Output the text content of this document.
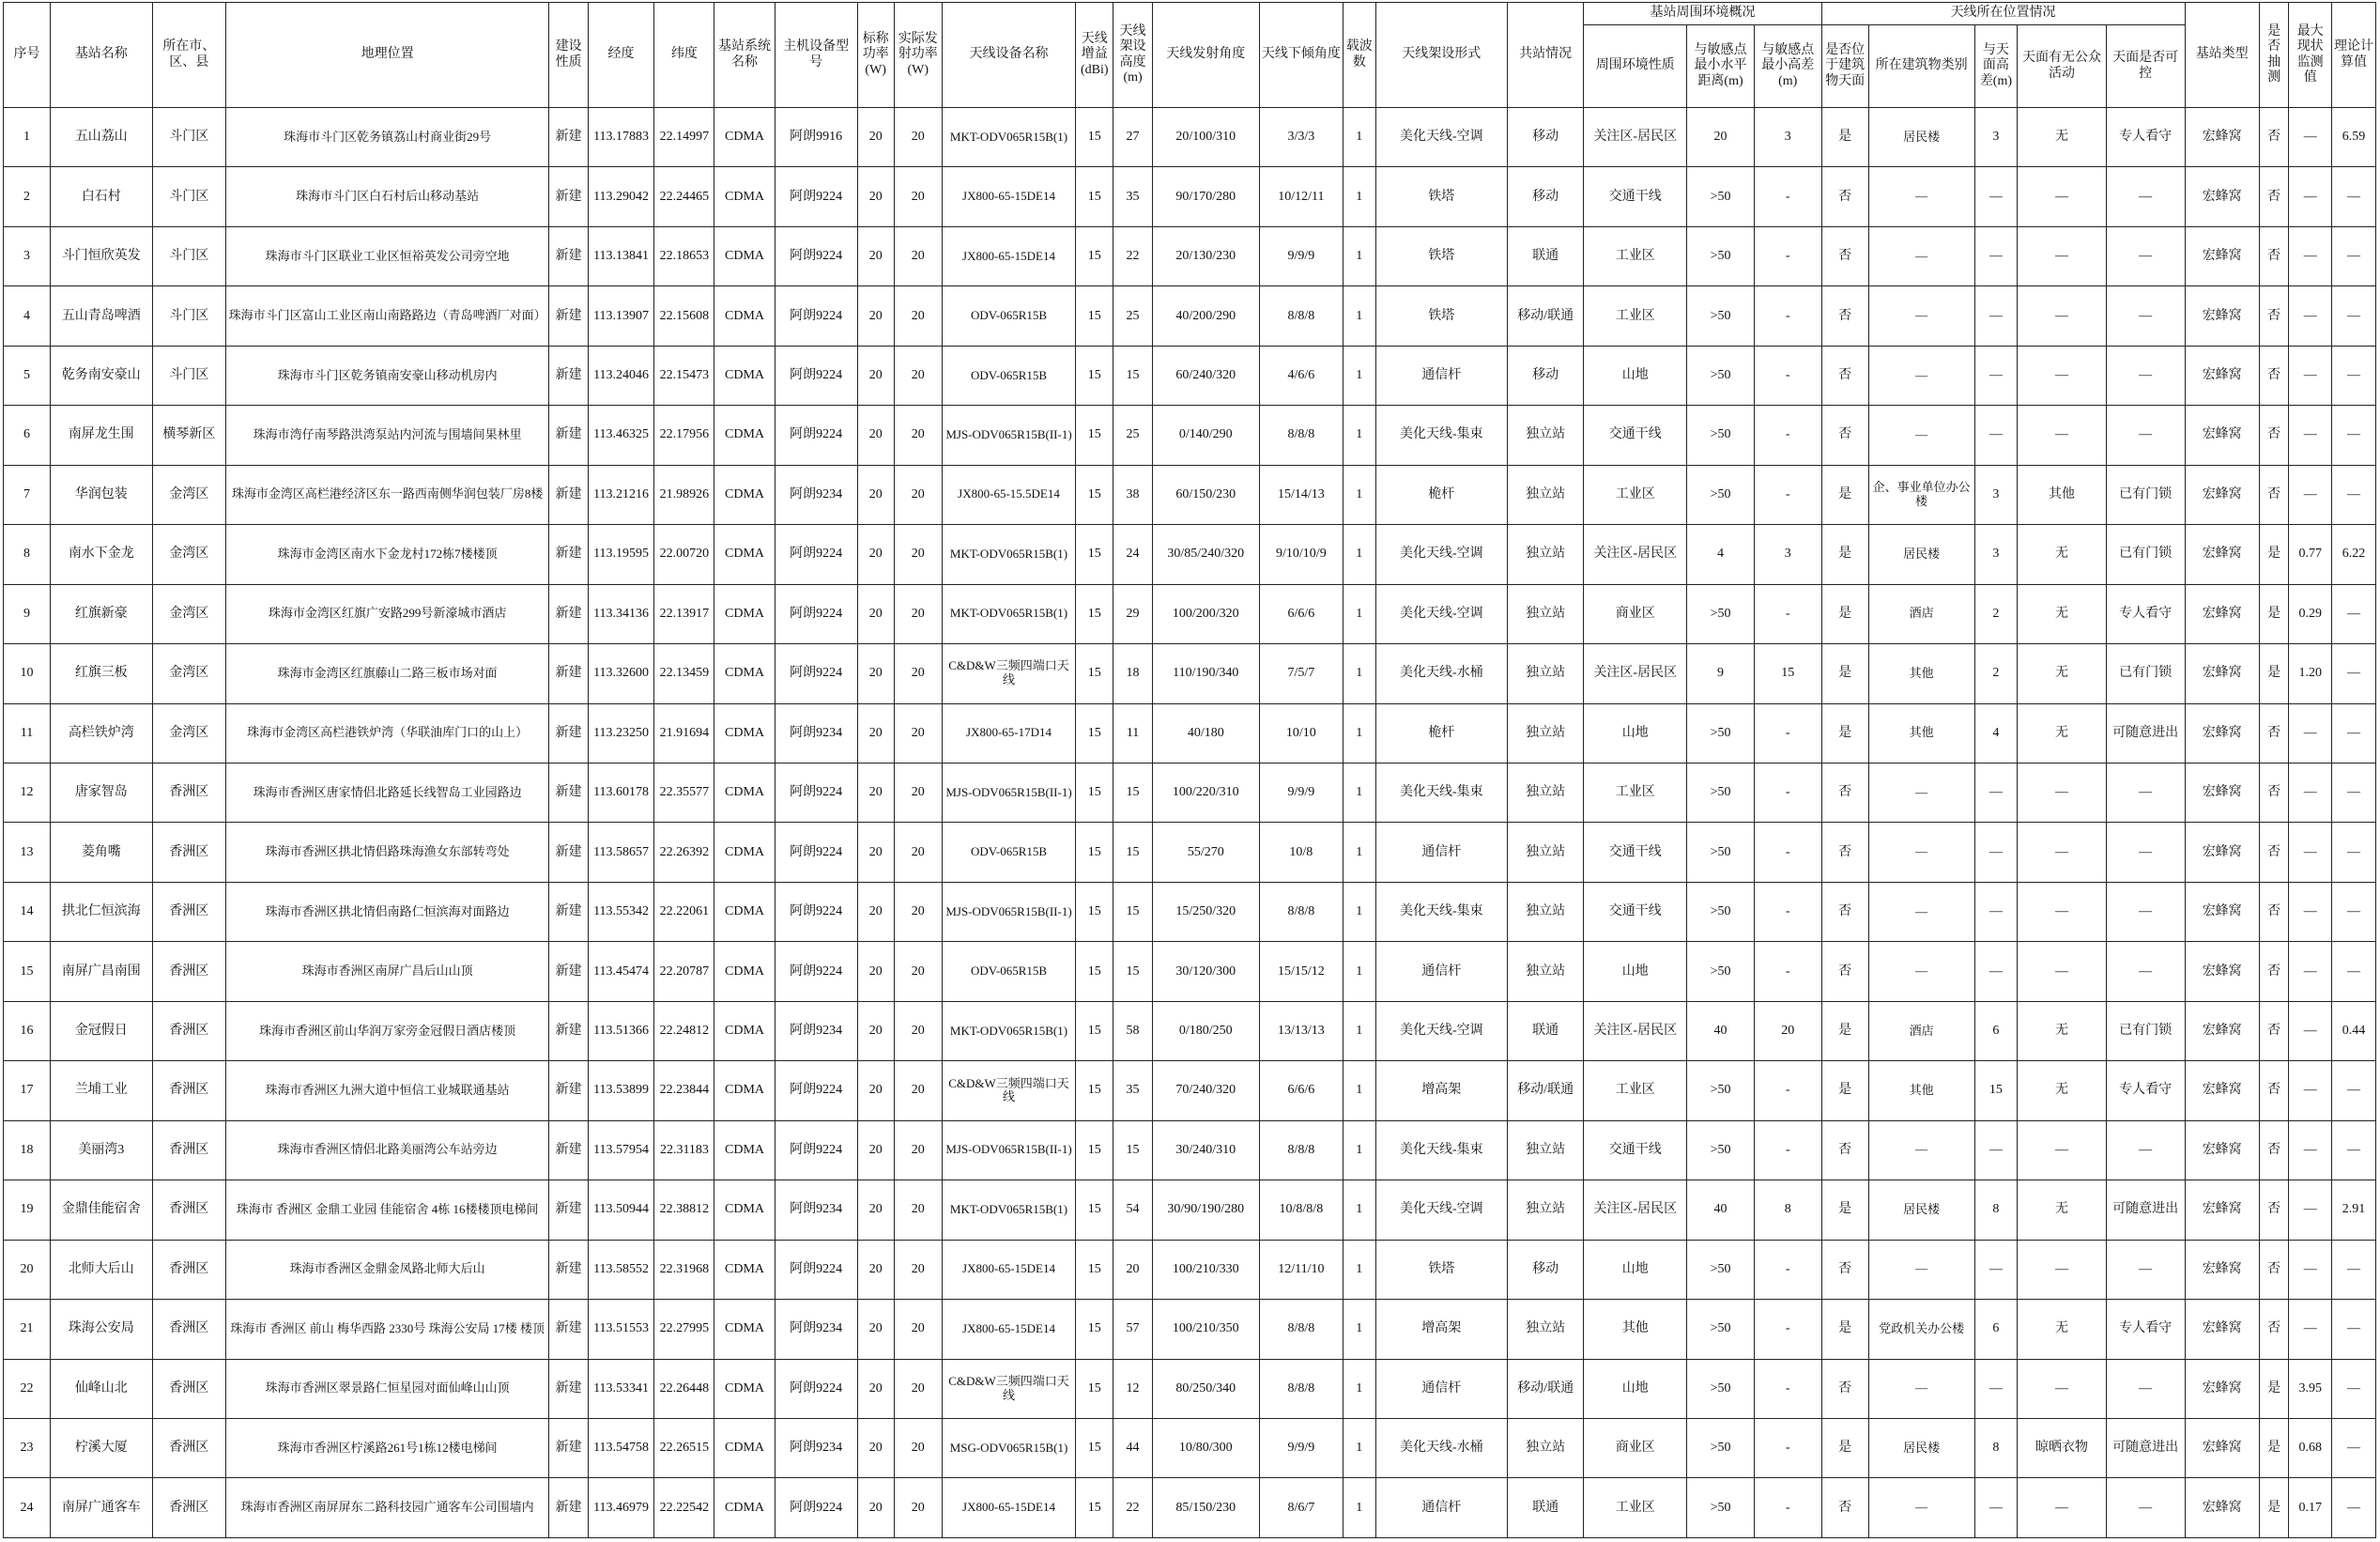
序号	基站名称	所在市、区、县	地理位置	建设性质	经度	纬度	基站系统名称	主机设备型号	标称功率(W)	实际发射功率(W)	天线设备名称	天线增益(dBi)	天线架设高度(m)	天线发射角度	天线下倾角度	载波数	天线架设形式	共站情况	基站周围环境概况			天线所在位置情况					基站类型	是否抽测	最大现状监测值	理论计算值
																			周围环境性质	与敏感点最小水平距离(m)	与敏感点最小高差(m)	是否位于建筑物天面	所在建筑物类别	与天面高差(m)	天面有无公众活动	天面是否可控				
1	五山荔山	斗门区	珠海市斗门区乾务镇荔山村商业街29号	新建	113.17883	22.14997	CDMA	阿朗9916	20	20	MKT-ODV065R15B(1)	15	27	20/100/310	3/3/3	1	美化天线-空调	移动	关注区-居民区	20	3	是	居民楼	3	无	专人看守	宏蜂窝	否	—	6.59
2	白石村	斗门区	珠海市斗门区白石村后山移动基站	新建	113.29042	22.24465	CDMA	阿朗9224	20	20	JX800-65-15DE14	15	35	90/170/280	10/12/11	1	铁塔	移动	交通干线	>50	-	否	—	—	—	—	宏蜂窝	否	—	—
3	斗门恒欣英发	斗门区	珠海市斗门区联业工业区恒裕英发公司旁空地	新建	113.13841	22.18653	CDMA	阿朗9224	20	20	JX800-65-15DE14	15	22	20/130/230	9/9/9	1	铁塔	联通	工业区	>50	-	否	—	—	—	—	宏蜂窝	否	—	—
4	五山青岛啤酒	斗门区	珠海市斗门区富山工业区南山南路路边（青岛啤酒厂对面）	新建	113.13907	22.15608	CDMA	阿朗9224	20	20	ODV-065R15B	15	25	40/200/290	8/8/8	1	铁塔	移动/联通	工业区	>50	-	否	—	—	—	—	宏蜂窝	否	—	—
5	乾务南安豪山	斗门区	珠海市斗门区乾务镇南安豪山移动机房内	新建	113.24046	22.15473	CDMA	阿朗9224	20	20	ODV-065R15B	15	15	60/240/320	4/6/6	1	通信杆	移动	山地	>50	-	否	—	—	—	—	宏蜂窝	否	—	—
6	南屏龙生围	横琴新区	珠海市湾仔南琴路洪湾泵站内河流与围墙间果林里	新建	113.46325	22.17956	CDMA	阿朗9224	20	20	MJS-ODV065R15B(II-1)	15	25	0/140/290	8/8/8	1	美化天线-集束	独立站	交通干线	>50	-	否	—	—	—	—	宏蜂窝	否	—	—
7	华润包装	金湾区	珠海市金湾区高栏港经济区东一路西南侧华润包装厂房8楼	新建	113.21216	21.98926	CDMA	阿朗9234	20	20	JX800-65-15.5DE14	15	38	60/150/230	15/14/13	1	桅杆	独立站	工业区	>50	-	是	企、事业单位办公楼	3	其他	已有门锁	宏蜂窝	否	—	—
8	南水下金龙	金湾区	珠海市金湾区南水下金龙村172栋7楼楼顶	新建	113.19595	22.00720	CDMA	阿朗9224	20	20	MKT-ODV065R15B(1)	15	24	30/85/240/320	9/10/10/9	1	美化天线-空调	独立站	关注区-居民区	4	3	是	居民楼	3	无	已有门锁	宏蜂窝	是	0.77	6.22
9	红旗新豪	金湾区	珠海市金湾区红旗广安路299号新濠城市酒店	新建	113.34136	22.13917	CDMA	阿朗9224	20	20	MKT-ODV065R15B(1)	15	29	100/200/320	6/6/6	1	美化天线-空调	独立站	商业区	>50	-	是	酒店	2	无	专人看守	宏蜂窝	是	0.29	—
10	红旗三板	金湾区	珠海市金湾区红旗藤山二路三板市场对面	新建	113.32600	22.13459	CDMA	阿朗9224	20	20	C&D&W三频四端口天线	15	18	110/190/340	7/5/7	1	美化天线-水桶	独立站	关注区-居民区	9	15	是	其他	2	无	已有门锁	宏蜂窝	是	1.20	—
11	高栏铁炉湾	金湾区	珠海市金湾区高栏港铁炉湾（华联油库门口的山上）	新建	113.23250	21.91694	CDMA	阿朗9234	20	20	JX800-65-17D14	15	11	40/180	10/10	1	桅杆	独立站	山地	>50	-	是	其他	4	无	可随意进出	宏蜂窝	否	—	—
12	唐家智岛	香洲区	珠海市香洲区唐家情侣北路延长线智岛工业园路边	新建	113.60178	22.35577	CDMA	阿朗9224	20	20	MJS-ODV065R15B(II-1)	15	15	100/220/310	9/9/9	1	美化天线-集束	独立站	工业区	>50	-	否	—	—	—	—	宏蜂窝	否	—	—
13	菱角嘴	香洲区	珠海市香洲区拱北情侣路珠海渔女东部转弯处	新建	113.58657	22.26392	CDMA	阿朗9224	20	20	ODV-065R15B	15	15	55/270	10/8	1	通信杆	独立站	交通干线	>50	-	否	—	—	—	—	宏蜂窝	否	—	—
14	拱北仁恒滨海	香洲区	珠海市香洲区拱北情侣南路仁恒滨海对面路边	新建	113.55342	22.22061	CDMA	阿朗9224	20	20	MJS-ODV065R15B(II-1)	15	15	15/250/320	8/8/8	1	美化天线-集束	独立站	交通干线	>50	-	否	—	—	—	—	宏蜂窝	否	—	—
15	南屏广昌南围	香洲区	珠海市香洲区南屏广昌后山山顶	新建	113.45474	22.20787	CDMA	阿朗9224	20	20	ODV-065R15B	15	15	30/120/300	15/15/12	1	通信杆	独立站	山地	>50	-	否	—	—	—	—	宏蜂窝	否	—	—
16	金冠假日	香洲区	珠海市香洲区前山华润万家旁金冠假日酒店楼顶	新建	113.51366	22.24812	CDMA	阿朗9234	20	20	MKT-ODV065R15B(1)	15	58	0/180/250	13/13/13	1	美化天线-空调	联通	关注区-居民区	40	20	是	酒店	6	无	已有门锁	宏蜂窝	否	—	0.44
17	兰埔工业	香洲区	珠海市香洲区九洲大道中恒信工业城联通基站	新建	113.53899	22.23844	CDMA	阿朗9224	20	20	C&D&W三频四端口天线	15	35	70/240/320	6/6/6	1	增高架	移动/联通	工业区	>50	-	是	其他	15	无	专人看守	宏蜂窝	否	—	—
18	美丽湾3	香洲区	珠海市香洲区情侣北路美丽湾公车站旁边	新建	113.57954	22.31183	CDMA	阿朗9224	20	20	MJS-ODV065R15B(II-1)	15	15	30/240/310	8/8/8	1	美化天线-集束	独立站	交通干线	>50	-	否	—	—	—	—	宏蜂窝	否	—	—
19	金鼎佳能宿舍	香洲区	珠海市 香洲区 金鼎工业园 佳能宿舍 4栋 16楼楼顶电梯间	新建	113.50944	22.38812	CDMA	阿朗9234	20	20	MKT-ODV065R15B(1)	15	54	30/90/190/280	10/8/8/8	1	美化天线-空调	独立站	关注区-居民区	40	8	是	居民楼	8	无	可随意进出	宏蜂窝	否	—	2.91
20	北师大后山	香洲区	珠海市香洲区金鼎金凤路北师大后山	新建	113.58552	22.31968	CDMA	阿朗9224	20	20	JX800-65-15DE14	15	20	100/210/330	12/11/10	1	铁塔	移动	山地	>50	-	否	—	—	—	—	宏蜂窝	否	—	—
21	珠海公安局	香洲区	珠海市 香洲区 前山 梅华西路 2330号 珠海公安局 17楼 楼顶	新建	113.51553	22.27995	CDMA	阿朗9234	20	20	JX800-65-15DE14	15	57	100/210/350	8/8/8	1	增高架	独立站	其他	>50	-	是	党政机关办公楼	6	无	专人看守	宏蜂窝	否	—	—
22	仙峰山北	香洲区	珠海市香洲区翠景路仁恒星园对面仙峰山山顶	新建	113.53341	22.26448	CDMA	阿朗9224	20	20	C&D&W三频四端口天线	15	12	80/250/340	8/8/8	1	通信杆	移动/联通	山地	>50	-	否	—	—	—	—	宏蜂窝	是	3.95	—
23	柠溪大厦	香洲区	珠海市香洲区柠溪路261号1栋12楼电梯间	新建	113.54758	22.26515	CDMA	阿朗9234	20	20	MSG-ODV065R15B(1)	15	44	10/80/300	9/9/9	1	美化天线-水桶	独立站	商业区	>50	-	是	居民楼	8	晾晒衣物	可随意进出	宏蜂窝	是	0.68	—
24	南屏广通客车	香洲区	珠海市香洲区南屏屏东二路科技园广通客车公司围墙内	新建	113.46979	22.22542	CDMA	阿朗9224	20	20	JX800-65-15DE14	15	22	85/150/230	8/6/7	1	通信杆	联通	工业区	>50	-	否	—	—	—	—	宏蜂窝	是	0.17	—
